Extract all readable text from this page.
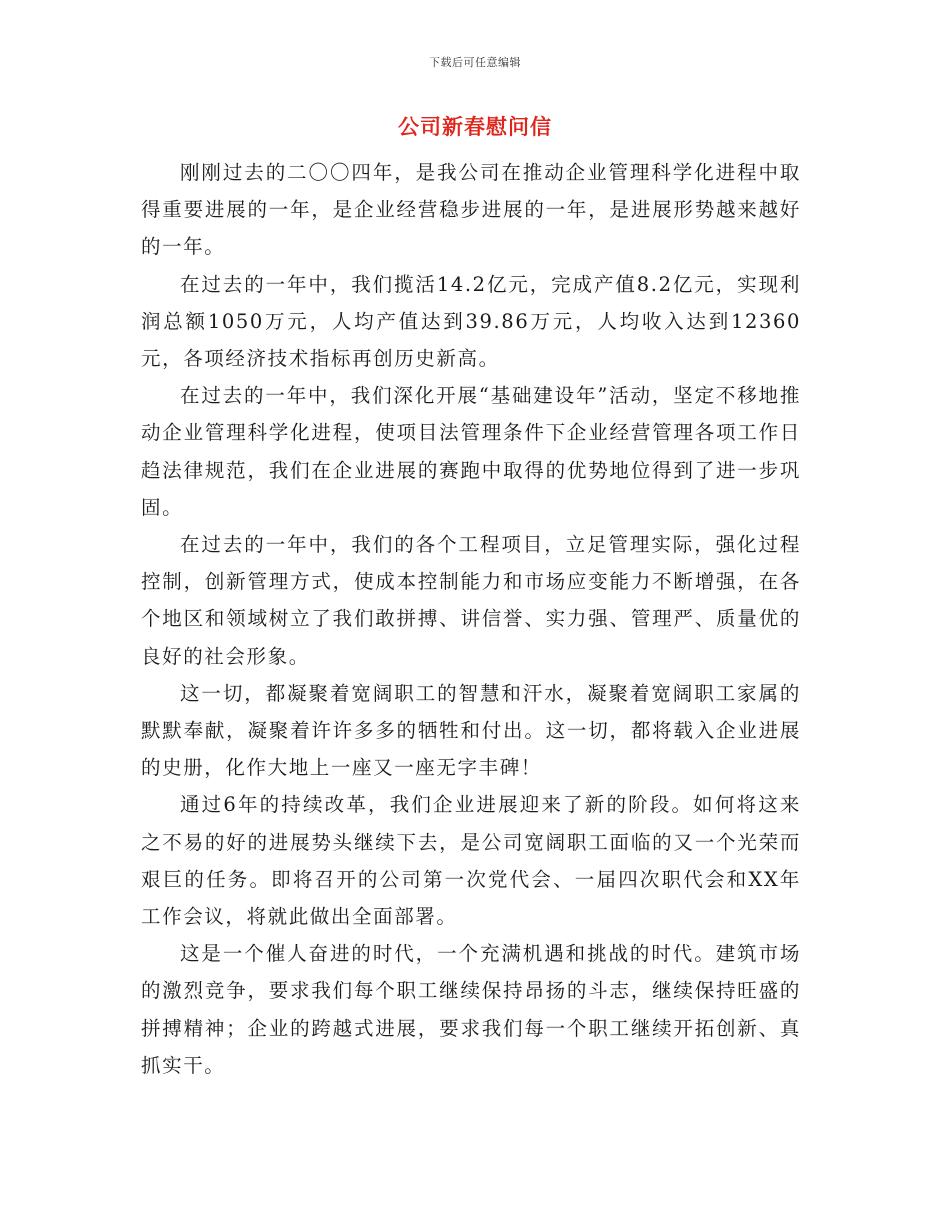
下载后可任意编辑
公司新春慰问信

刚刚过去的二〇〇四年，是我公司在推动企业管理科学化进程中取得重要进展的一年，是企业经营稳步进展的一年，是进展形势越来越好的一年。

在过去的一年中，我们揽活14.2亿元，完成产值8.2亿元，实现利润总额1050万元，人均产值达到39.86万元，人均收入达到12360元，各项经济技术指标再创历史新高。

在过去的一年中，我们深化开展“基础建设年”活动，坚定不移地推动企业管理科学化进程，使项目法管理条件下企业经营管理各项工作日趋法律规范，我们在企业进展的赛跑中取得的优势地位得到了进一步巩固。

在过去的一年中，我们的各个工程项目，立足管理实际，强化过程控制，创新管理方式，使成本控制能力和市场应变能力不断增强，在各个地区和领域树立了我们敢拼搏、讲信誉、实力强、管理严、质量优的良好的社会形象。

这一切，都凝聚着宽阔职工的智慧和汗水，凝聚着宽阔职工家属的默默奉献，凝聚着许许多多的牺牲和付出。这一切，都将载入企业进展的史册，化作大地上一座又一座无字丰碑！

通过6年的持续改革，我们企业进展迎来了新的阶段。如何将这来之不易的好的进展势头继续下去，是公司宽阔职工面临的又一个光荣而艰巨的任务。即将召开的公司第一次党代会、一届四次职代会和XX年工作会议，将就此做出全面部署。

这是一个催人奋进的时代，一个充满机遇和挑战的时代。建筑市场的激烈竞争，要求我们每个职工继续保持昂扬的斗志，继续保持旺盛的拼搏精神；企业的跨越式进展，要求我们每一个职工继续开拓创新、真抓实干。
